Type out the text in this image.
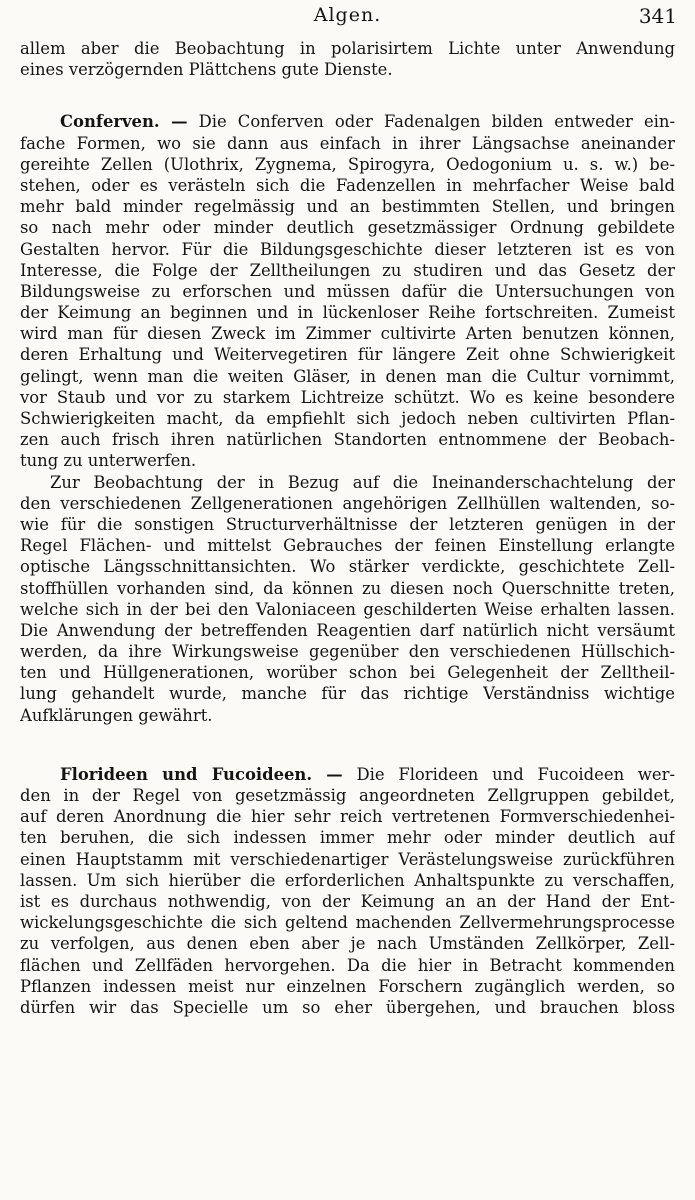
Algen.	341
allem aber die Beobachtung in polarisirtem Lichte unter Anwendung
eines verzögernden Plättchens gute Dienste.
Conferven. — Die Conferven oder Fadenalgen bilden entweder ein-
fache Formen, wo sie dann aus einfach in ihrer Längsachse aneinander
gereihte Zellen (Ulothrix, Zygnema, Spirogyra, Oedogonium u. s. w.) be-
stehen, oder es verästeln sich die Fadenzellen in mehrfacher Weise bald
mehr bald minder regelmässig und an bestimmten Stellen, und bringen
so nach mehr oder minder deutlich gesetzmässiger Ordnung gebildete
Gestalten hervor. Für die Bildungsgeschichte dieser letzteren ist es von
Interesse, die Folge der Zelltheilungen zu studiren und das Gesetz der
Bildungsweise zu erforschen und müssen dafür die Untersuchungen von
der Keimung an beginnen und in lückenloser Reihe fortschreiten. Zumeist
wird man für diesen Zweck im Zimmer cultivirte Arten benutzen können,
deren Erhaltung und Weitervegetiren für längere Zeit ohne Schwierigkeit
gelingt, wenn man die weiten Gläser, in denen man die Cultur vornimmt,
vor Staub und vor zu starkem Lichtreize schützt. Wo es keine besondere
Schwierigkeiten macht, da empfiehlt sich jedoch neben cultivirten Pflan-
zen auch frisch ihren natürlichen Standorten entnommene der Beobach-
tung zu unterwerfen.
Zur Beobachtung der in Bezug auf die Ineinanderschachtelung der
den verschiedenen Zellgenerationen angehörigen Zellhüllen waltenden, so-
wie für die sonstigen Structurverhältnisse der letzteren genügen in der
Regel Flächen- und mittelst Gebrauches der feinen Einstellung erlangte
optische Längsschnittansichten. Wo stärker verdickte, geschichtete Zell-
stoffhüllen vorhanden sind, da können zu diesen noch Querschnitte treten,
welche sich in der bei den Valoniaceen geschilderten Weise erhalten lassen.
Die Anwendung der betreffenden Reagentien darf natürlich nicht versäumt
werden, da ihre Wirkungsweise gegenüber den verschiedenen Hüllschich-
ten und Hüllgenerationen, worüber schon bei Gelegenheit der Zelltheil-
lung gehandelt wurde, manche für das richtige Verständniss wichtige
Aufklärungen gewährt.
Florideen und Fucoideen. — Die Florideen und Fucoideen wer-
den in der Regel von gesetzmässig angeordneten Zellgruppen gebildet,
auf deren Anordnung die hier sehr reich vertretenen Formverschiedenhei-
ten beruhen, die sich indessen immer mehr oder minder deutlich auf
einen Hauptstamm mit verschiedenartiger Verästelungsweise zurückführen
lassen. Um sich hierüber die erforderlichen Anhaltspunkte zu verschaffen,
ist es durchaus nothwendig, von der Keimung an an der Hand der Ent-
wickelungsgeschichte die sich geltend machenden Zellvermehrungsprocesse
zu verfolgen, aus denen eben aber je nach Umständen Zellkörper, Zell-
flächen und Zellfäden hervorgehen. Da die hier in Betracht kommenden
Pflanzen indessen meist nur einzelnen Forschern zugänglich werden, so
dürfen wir das Specielle um so eher übergehen, und brauchen bloss
